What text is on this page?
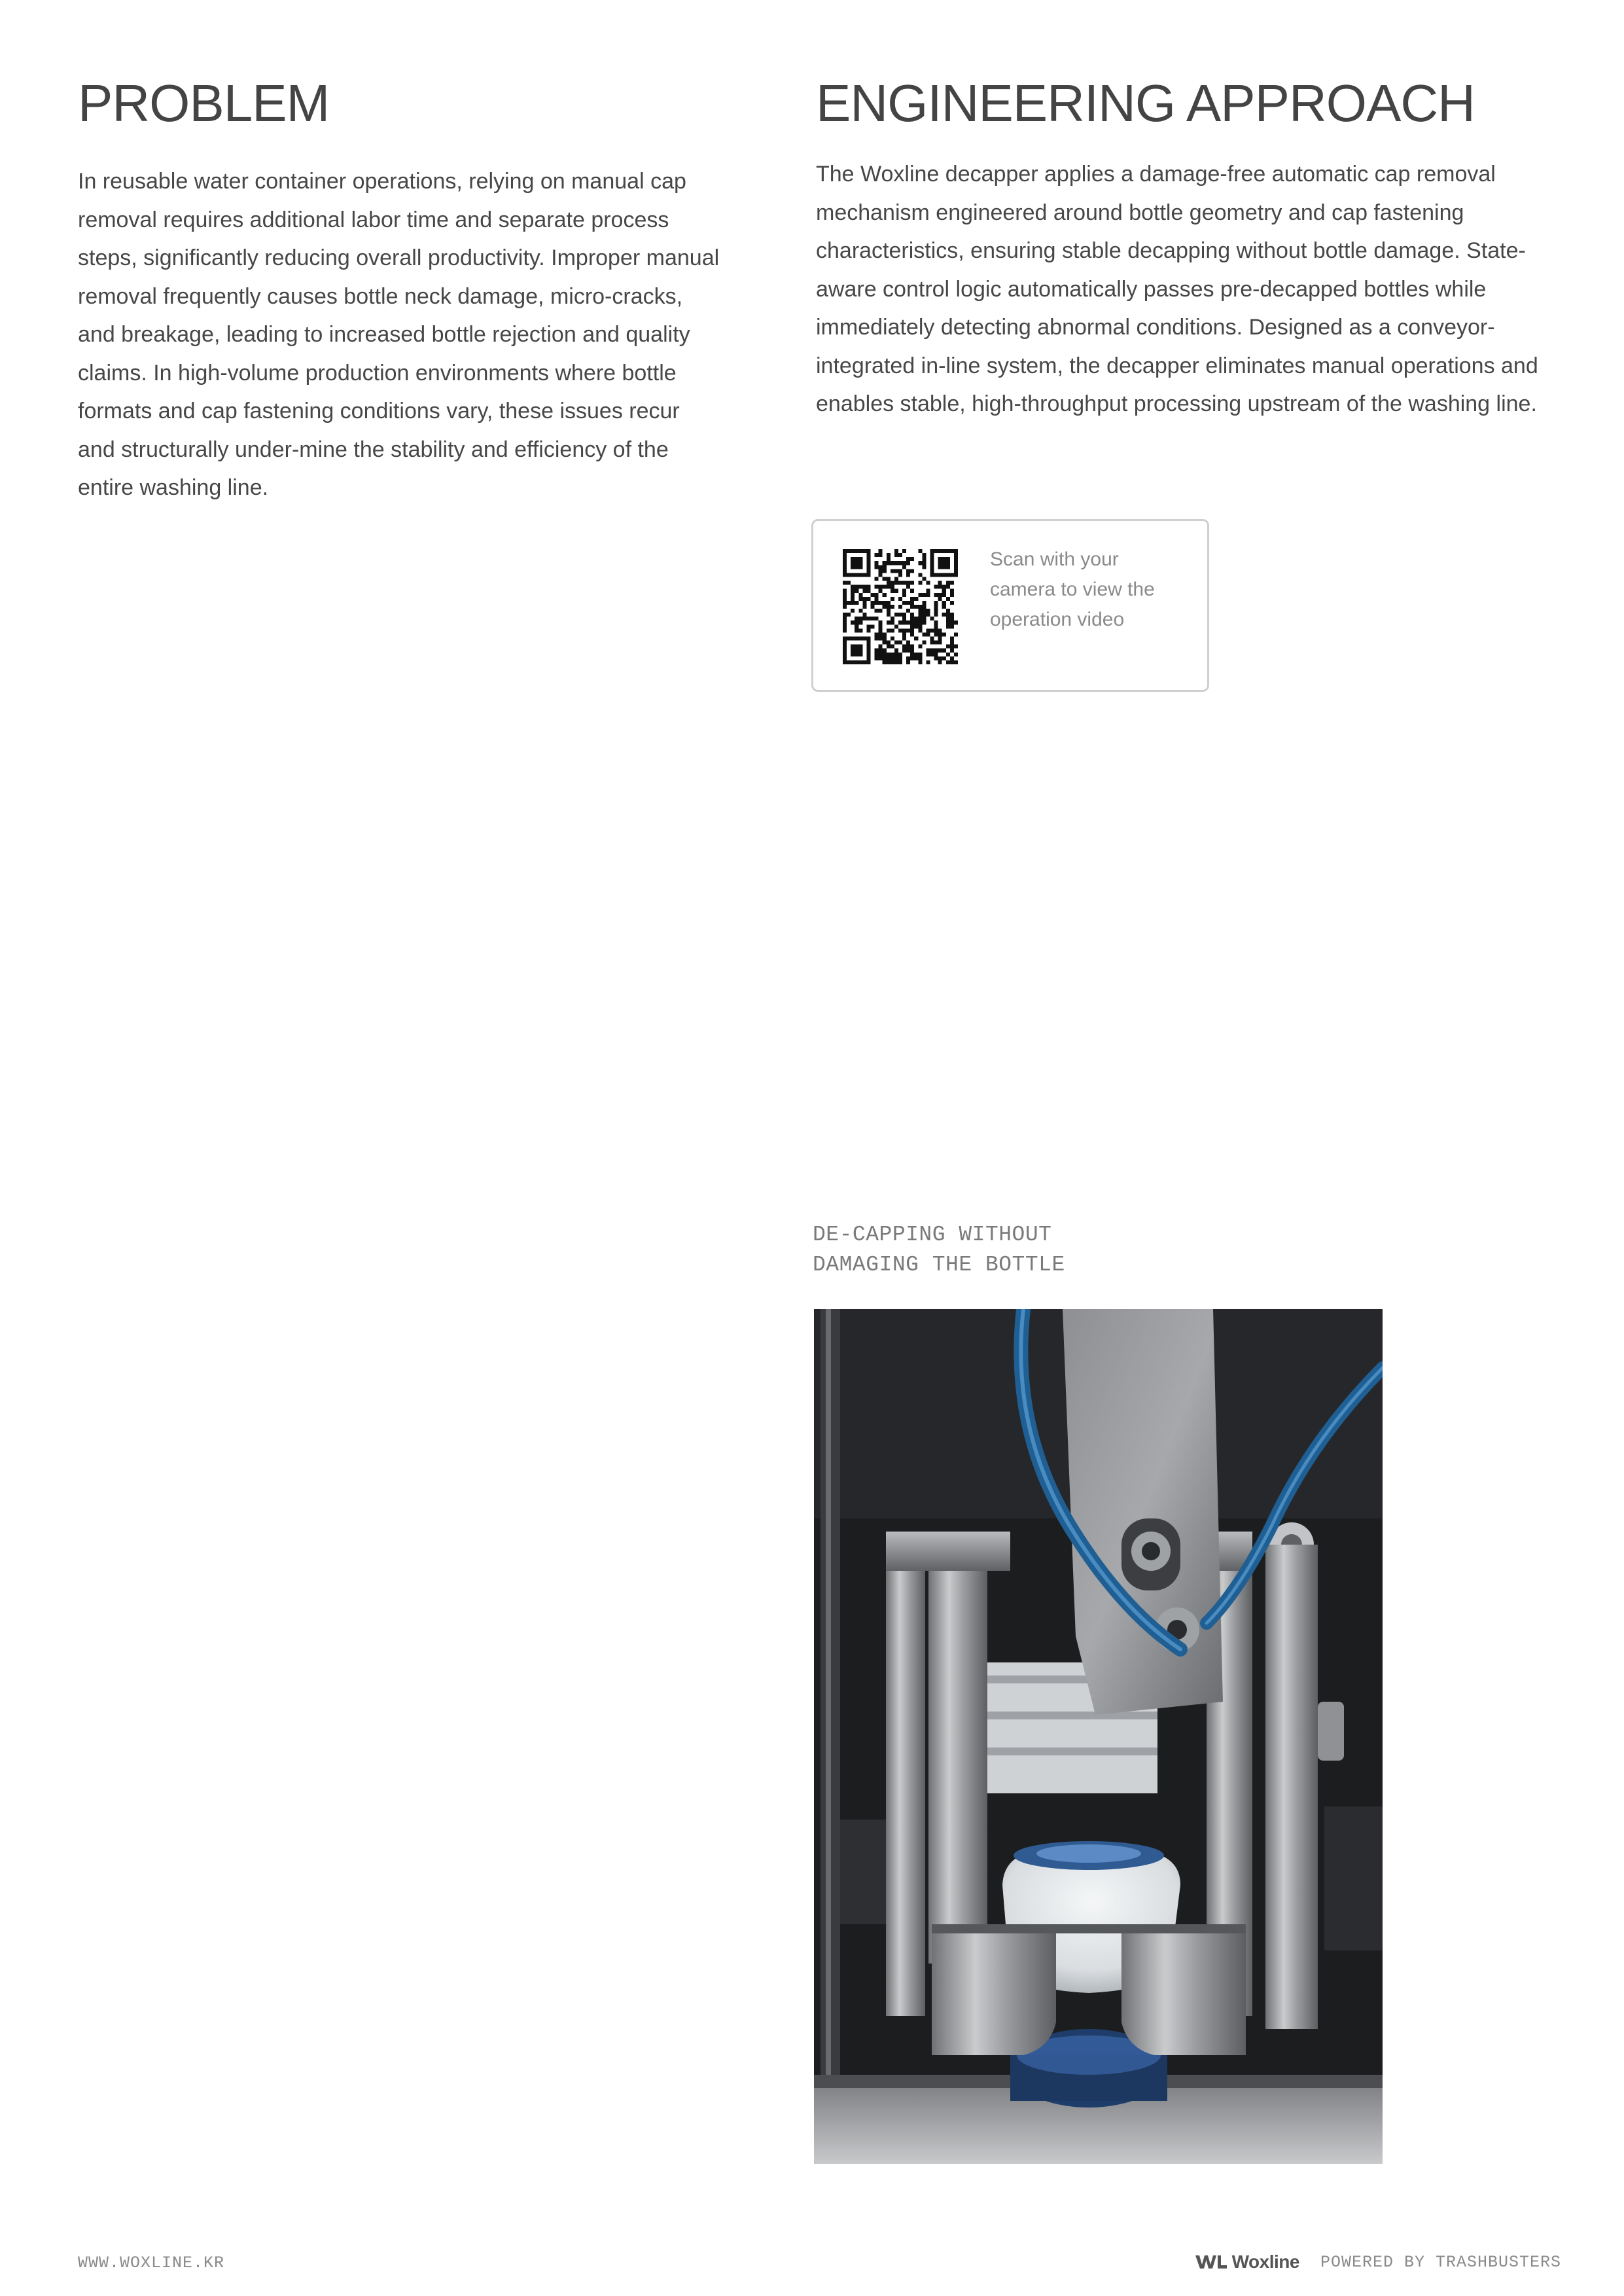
PROBLEM

In reusable water container operations, relying on manual cap removal requires additional labor time and separate process steps, significantly reducing overall productivity. Improper manual removal frequently causes bottle neck damage, micro-cracks, and breakage, leading to increased bottle rejection and quality claims. In high-volume production environments where bottle formats and cap fastening conditions vary, these issues recur and structurally under-mine the stability and efficiency of the entire washing line.

ENGINEERING APPROACH

The Woxline decapper applies a damage-free automatic cap removal mechanism engineered around bottle geometry and cap fastening characteristics, ensuring stable decapping without bottle damage. State-aware control logic automatically passes pre-decapped bottles while immediately detecting abnormal conditions. Designed as a conveyor-integrated in-line system, the decapper eliminates manual operations and enables stable, high-throughput processing upstream of the washing line.

Scan with your camera to view the operation video

DE-CAPPING WITHOUT
DAMAGING THE BOTTLE

WWW.WOXLINE.KR	Woxline POWERED BY TRASHBUSTERS
